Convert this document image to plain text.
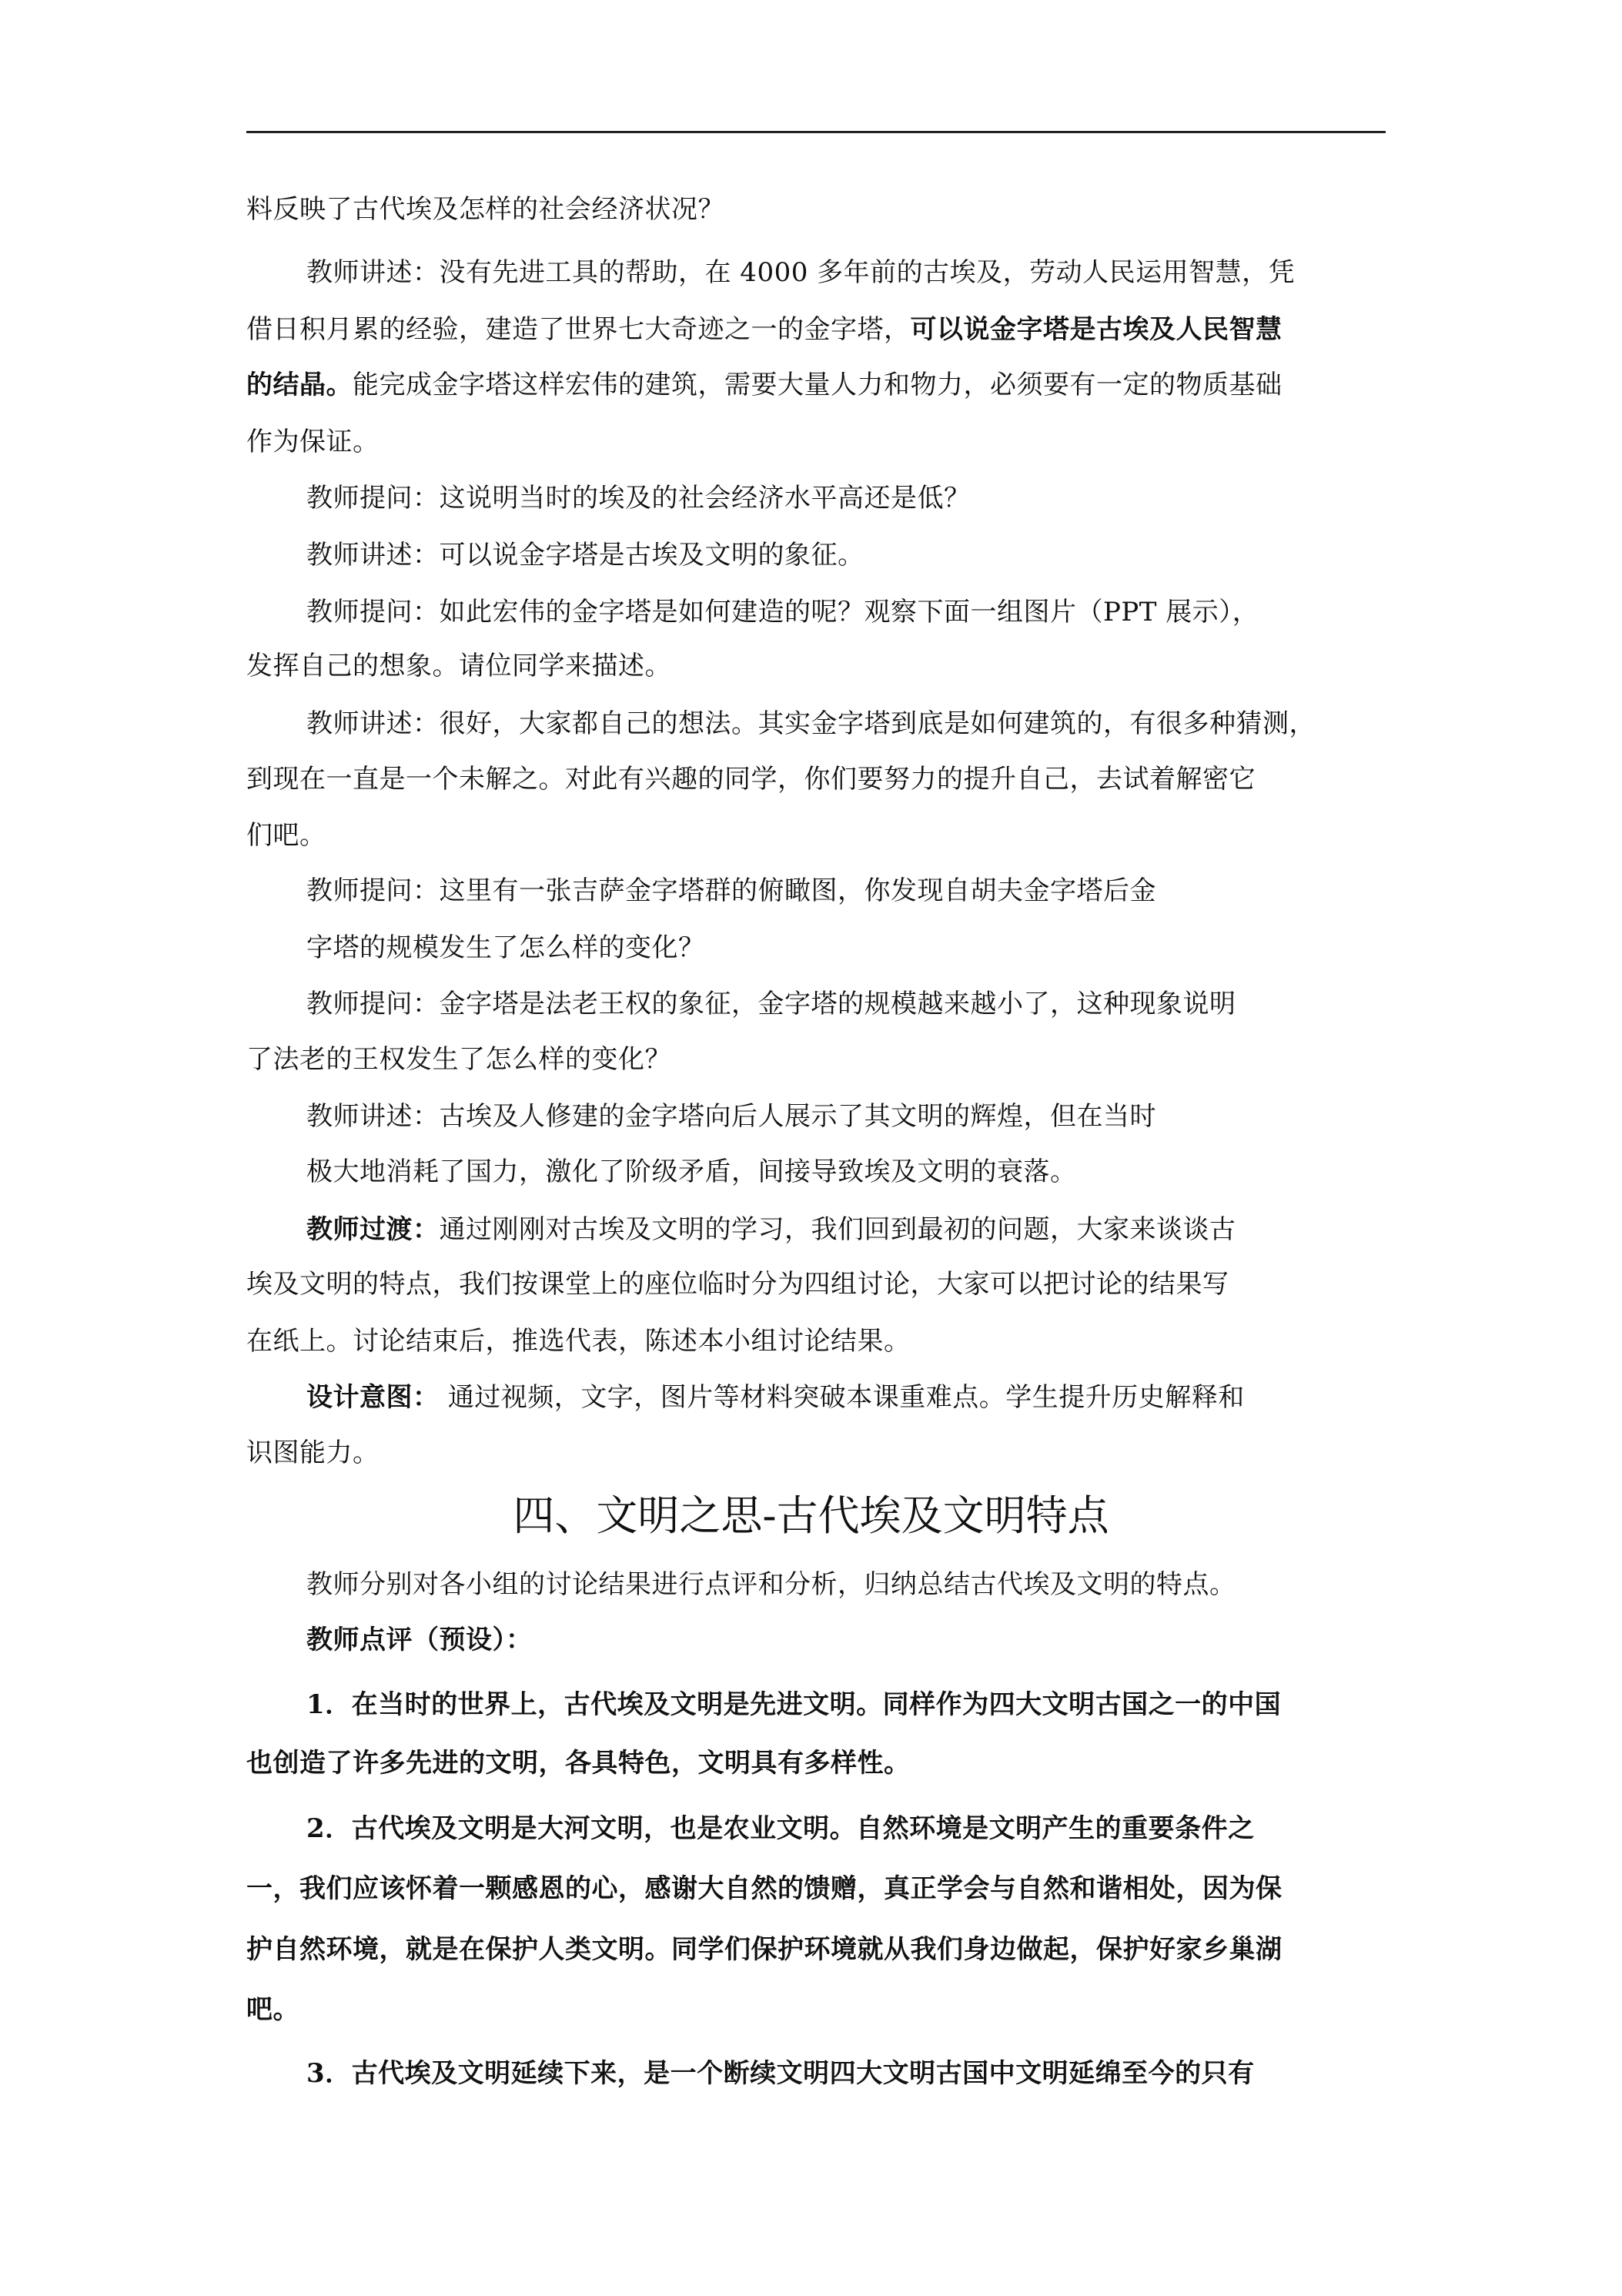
料反映了古代埃及怎样的社会经济状况？
教师讲述：没有先进工具的帮助，在 4000 多年前的古埃及，劳动人民运用智慧，凭
借日积月累的经验，建造了世界七大奇迹之一的金字塔，可以说金字塔是古埃及人民智慧
的结晶。能完成金字塔这样宏伟的建筑，需要大量人力和物力，必须要有一定的物质基础
作为保证。
教师提问：这说明当时的埃及的社会经济水平高还是低？
教师讲述：可以说金字塔是古埃及文明的象征。
教师提问：如此宏伟的金字塔是如何建造的呢？观察下面一组图片（PPT 展示），
发挥自己的想象。请位同学来描述。
教师讲述：很好，大家都自己的想法。其实金字塔到底是如何建筑的，有很多种猜测，
到现在一直是一个未解之。对此有兴趣的同学，你们要努力的提升自己，去试着解密它
们吧。
教师提问：这里有一张吉萨金字塔群的俯瞰图，你发现自胡夫金字塔后金
字塔的规模发生了怎么样的变化？
教师提问：金字塔是法老王权的象征，金字塔的规模越来越小了，这种现象说明
了法老的王权发生了怎么样的变化？
教师讲述：古埃及人修建的金字塔向后人展示了其文明的辉煌，但在当时
极大地消耗了国力，激化了阶级矛盾，间接导致埃及文明的衰落。
教师过渡：通过刚刚对古埃及文明的学习，我们回到最初的问题，大家来谈谈古
埃及文明的特点，我们按课堂上的座位临时分为四组讨论，大家可以把讨论的结果写
在纸上。讨论结束后，推选代表，陈述本小组讨论结果。
设计意图： 通过视频，文字，图片等材料突破本课重难点。学生提升历史解释和
识图能力。
四、文明之思-古代埃及文明特点
教师分别对各小组的讨论结果进行点评和分析，归纳总结古代埃及文明的特点。
教师点评（预设）：
1．在当时的世界上，古代埃及文明是先进文明。同样作为四大文明古国之一的中国
也创造了许多先进的文明，各具特色，文明具有多样性。
2．古代埃及文明是大河文明，也是农业文明。自然环境是文明产生的重要条件之
一，我们应该怀着一颗感恩的心，感谢大自然的馈赠，真正学会与自然和谐相处，因为保
护自然环境，就是在保护人类文明。同学们保护环境就从我们身边做起，保护好家乡巢湖
吧。
3．古代埃及文明延续下来，是一个断续文明四大文明古国中文明延绵至今的只有
